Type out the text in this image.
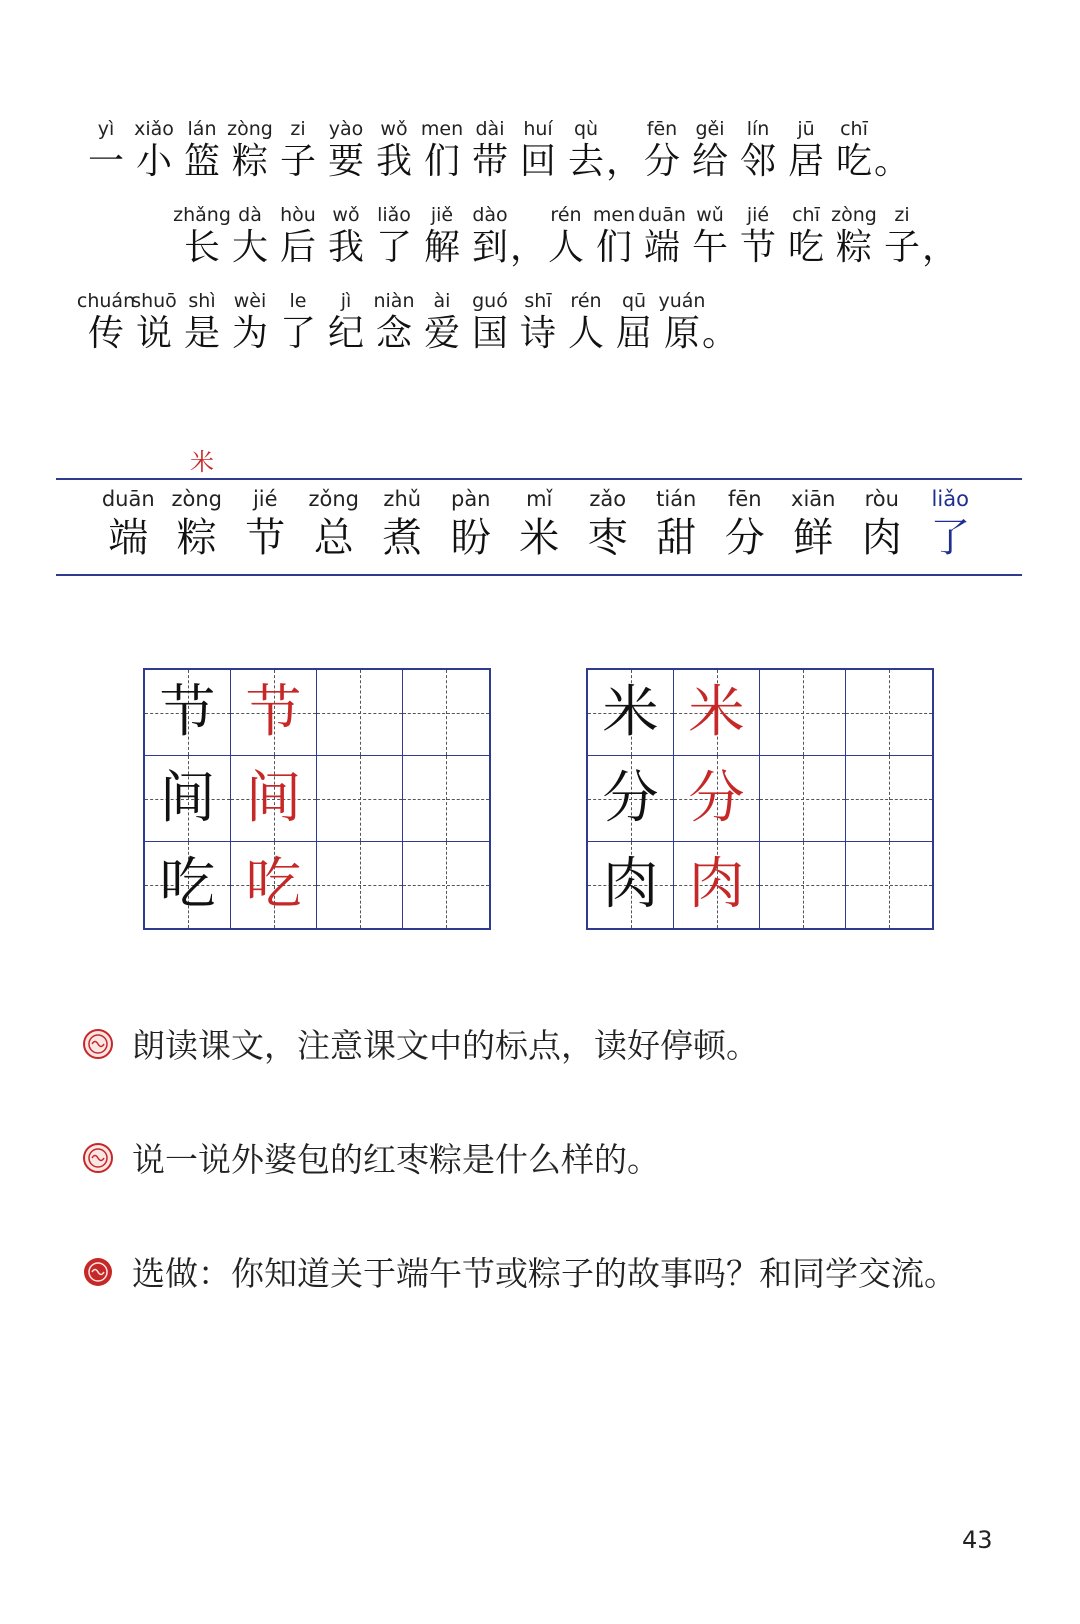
yì
一
xiǎo
小
lán
篮
zòng
粽
zi
子
yào
要
wǒ
我
men
们
dài
带
huí
回
qù
去 ，
fēn
分
gěi
给
lín
邻
jū
居
chī
吃 。
zhǎng
长
dà
大
hòu
后
wǒ
我
liǎo
了
jiě
解
dào
到 ，
rén
人
men
们
duān
端
wǔ
午
jié
节
chī
吃
zòng
粽
zi
子 ，
chuán
传
shuō
说
shì
是
wèi
为
le
了
jì
纪
niàn
念
ài
爱
guó
国
shī
诗
rén
人
qū
屈
yuán
原 。
米
duān
端
zòng
粽
jié
节
zǒng
总
zhǔ
煮
pàn
盼
mǐ
米
zǎo
枣
tián
甜
fēn
分
xiān
鲜
ròu
肉
liǎo
了
节 节
间 间
吃 吃
米 米
分 分
肉 肉
朗读课文，注意课文中的标点，读好停顿。
说一说外婆包的红枣粽是什么样的。
选做：你知道关于端午节或粽子的故事吗？和同学交流。
43
